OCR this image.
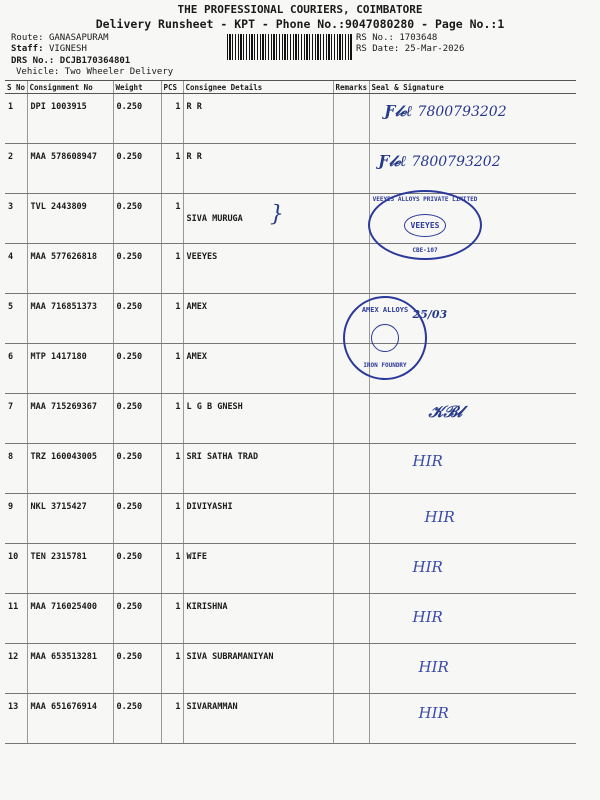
THE PROFESSIONAL COURIERS, COIMBATORE
Delivery Runsheet - KPT - Phone No.:9047080280 - Page No.:1
Route: GANASAPURAM
Staff: VIGNESH
DRS No.: DCJB170364801
Vehicle: Two Wheeler Delivery
RS No.: 1703648
RS Date: 25-Mar-2026
S No	Consignment No	Weight	PCS	Consignee Details	Remarks	Seal & Signature
1	DPI 1003915	0.250	1	R R		Ƒ𝓁ℯℓ 7800793202
2	MAA 578608947	0.250	1	R R		Ƒ𝓁ℯℓ 7800793202
3	TVL 2443809	0.250	1	SIVA MURUGA }		
4	MAA 577626818	0.250	1	VEEYES		
5	MAA 716851373	0.250	1	AMEX		25/03
6	MTP 1417180	0.250	1	AMEX		
7	MAA 715269367	0.250	1	L G B GNESH		𝒦ℬ𝓁
8	TRZ 160043005	0.250	1	SRI SATHA TRAD		HIR
9	NKL 3715427	0.250	1	DIVIYASHI		HIR
10	TEN 2315781	0.250	1	WIFE		HIR
11	MAA 716025400	0.250	1	KIRISHNA		HIR
12	MAA 653513281	0.250	1	SIVA SUBRAMANIYAN		HIR
13	MAA 651676914	0.250	1	SIVARAMMAN		HIR
VEEYES ALLOYS PRIVATE LIMITED
VEEYES
CBE-107
AMEX ALLOYS
IRON FOUNDRY
